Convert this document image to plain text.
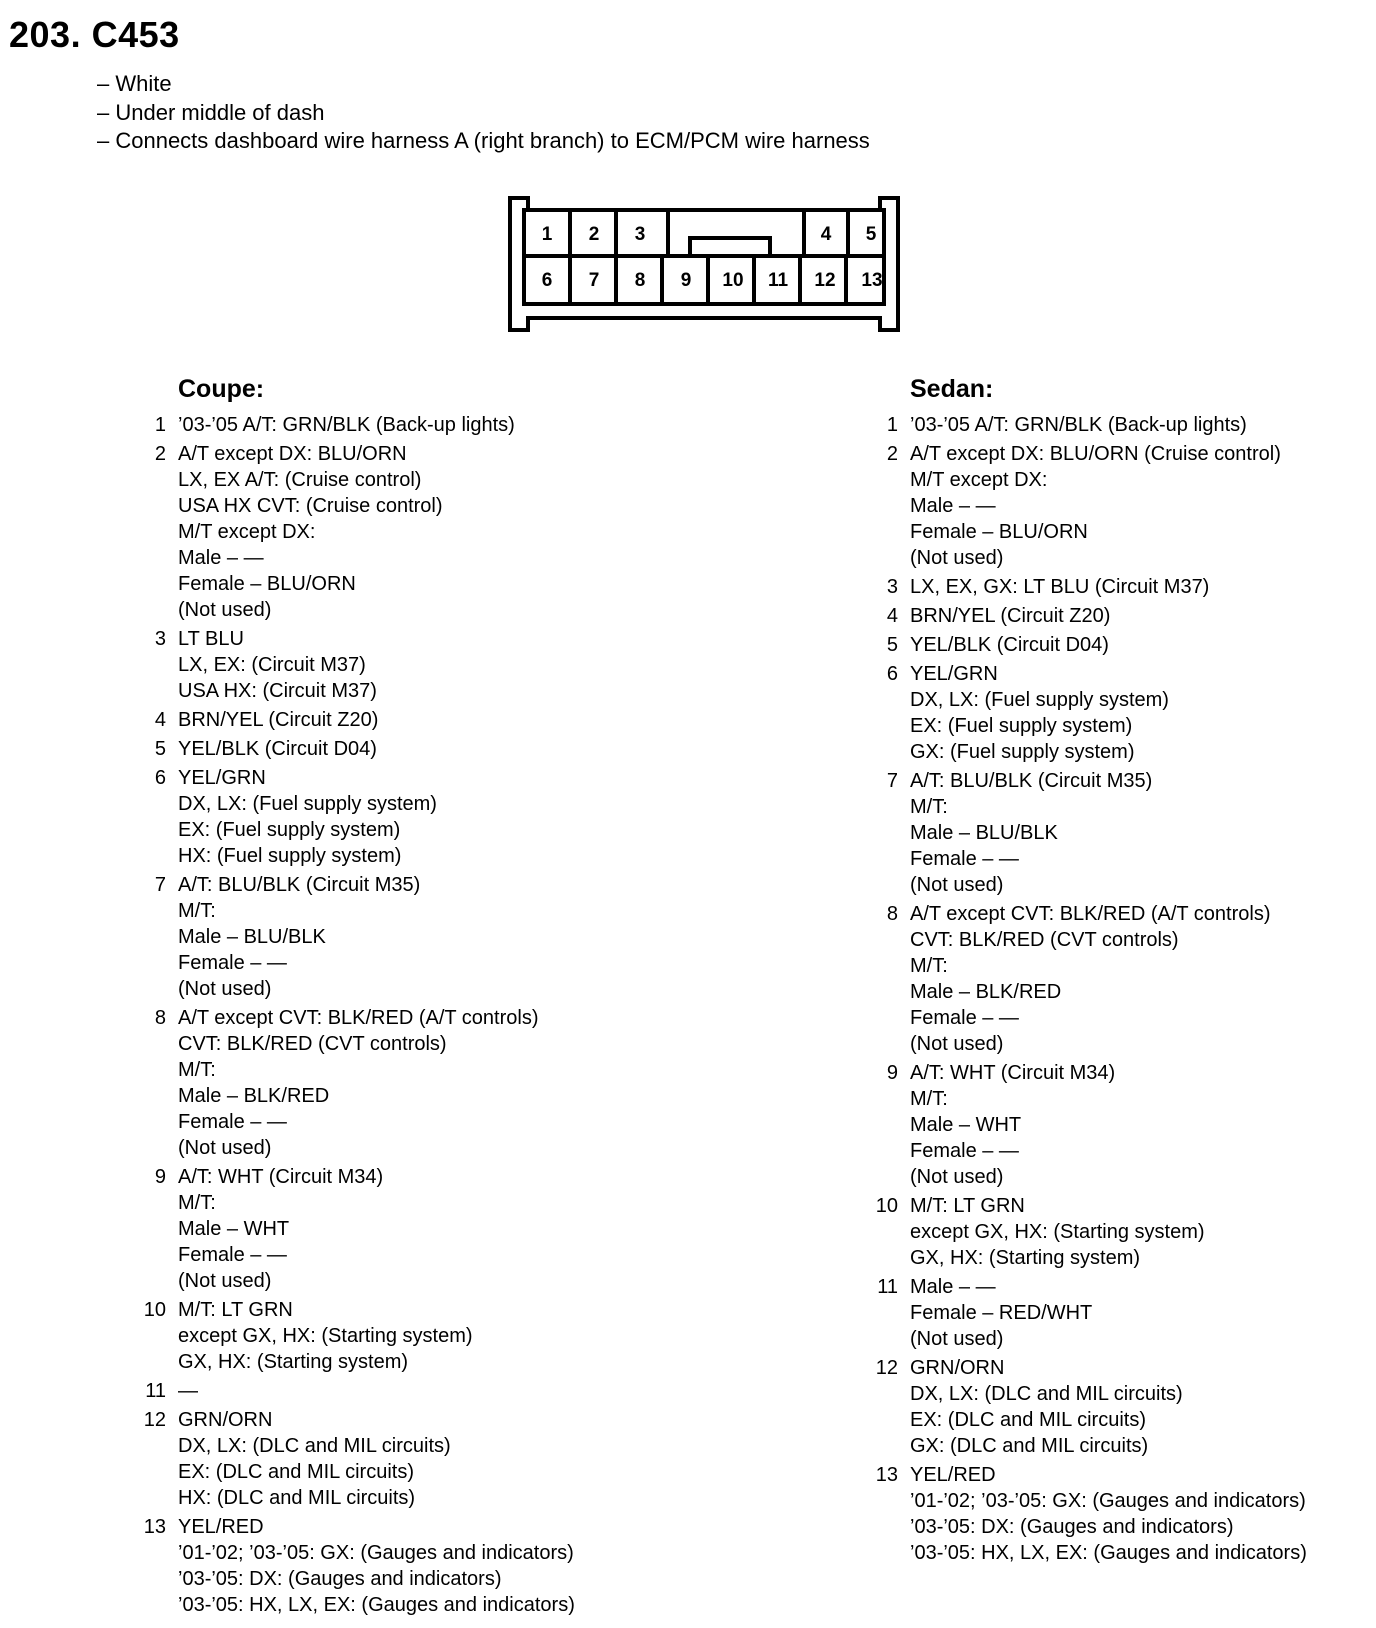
203. C453
– White
– Under middle of dash
– Connects dashboard wire harness A (right branch) to ECM/PCM wire harness
1 2 3	4 5
6 7 8 9 10 11 12 13
Coupe:
1 ’03-’05 A/T: GRN/BLK (Back-up lights)
2 A/T except DX: BLU/ORN
LX, EX A/T: (Cruise control)
USA HX CVT: (Cruise control)
M/T except DX:
Male – —
Female – BLU/ORN
(Not used)
3 LT BLU
LX, EX: (Circuit M37)
USA HX: (Circuit M37)
4 BRN/YEL (Circuit Z20)
5 YEL/BLK (Circuit D04)
6 YEL/GRN
DX, LX: (Fuel supply system)
EX: (Fuel supply system)
HX: (Fuel supply system)
7 A/T: BLU/BLK (Circuit M35)
M/T:
Male – BLU/BLK
Female – —
(Not used)
8 A/T except CVT: BLK/RED (A/T controls)
CVT: BLK/RED (CVT controls)
M/T:
Male – BLK/RED
Female – —
(Not used)
9 A/T: WHT (Circuit M34)
M/T:
Male – WHT
Female – —
(Not used)
10 M/T: LT GRN
except GX, HX: (Starting system)
GX, HX: (Starting system)
11 —
12 GRN/ORN
DX, LX: (DLC and MIL circuits)
EX: (DLC and MIL circuits)
HX: (DLC and MIL circuits)
13 YEL/RED
’01-’02; ’03-’05: GX: (Gauges and indicators)
’03-’05: DX: (Gauges and indicators)
’03-’05: HX, LX, EX: (Gauges and indicators)
Sedan:
1 ’03-’05 A/T: GRN/BLK (Back-up lights)
2 A/T except DX: BLU/ORN (Cruise control)
M/T except DX:
Male – —
Female – BLU/ORN
(Not used)
3 LX, EX, GX: LT BLU (Circuit M37)
4 BRN/YEL (Circuit Z20)
5 YEL/BLK (Circuit D04)
6 YEL/GRN
DX, LX: (Fuel supply system)
EX: (Fuel supply system)
GX: (Fuel supply system)
7 A/T: BLU/BLK (Circuit M35)
M/T:
Male – BLU/BLK
Female – —
(Not used)
8 A/T except CVT: BLK/RED (A/T controls)
CVT: BLK/RED (CVT controls)
M/T:
Male – BLK/RED
Female – —
(Not used)
9 A/T: WHT (Circuit M34)
M/T:
Male – WHT
Female – —
(Not used)
10 M/T: LT GRN
except GX, HX: (Starting system)
GX, HX: (Starting system)
11 Male – —
Female – RED/WHT
(Not used)
12 GRN/ORN
DX, LX: (DLC and MIL circuits)
EX: (DLC and MIL circuits)
GX: (DLC and MIL circuits)
13 YEL/RED
’01-’02; ’03-’05: GX: (Gauges and indicators)
’03-’05: DX: (Gauges and indicators)
’03-’05: HX, LX, EX: (Gauges and indicators)
